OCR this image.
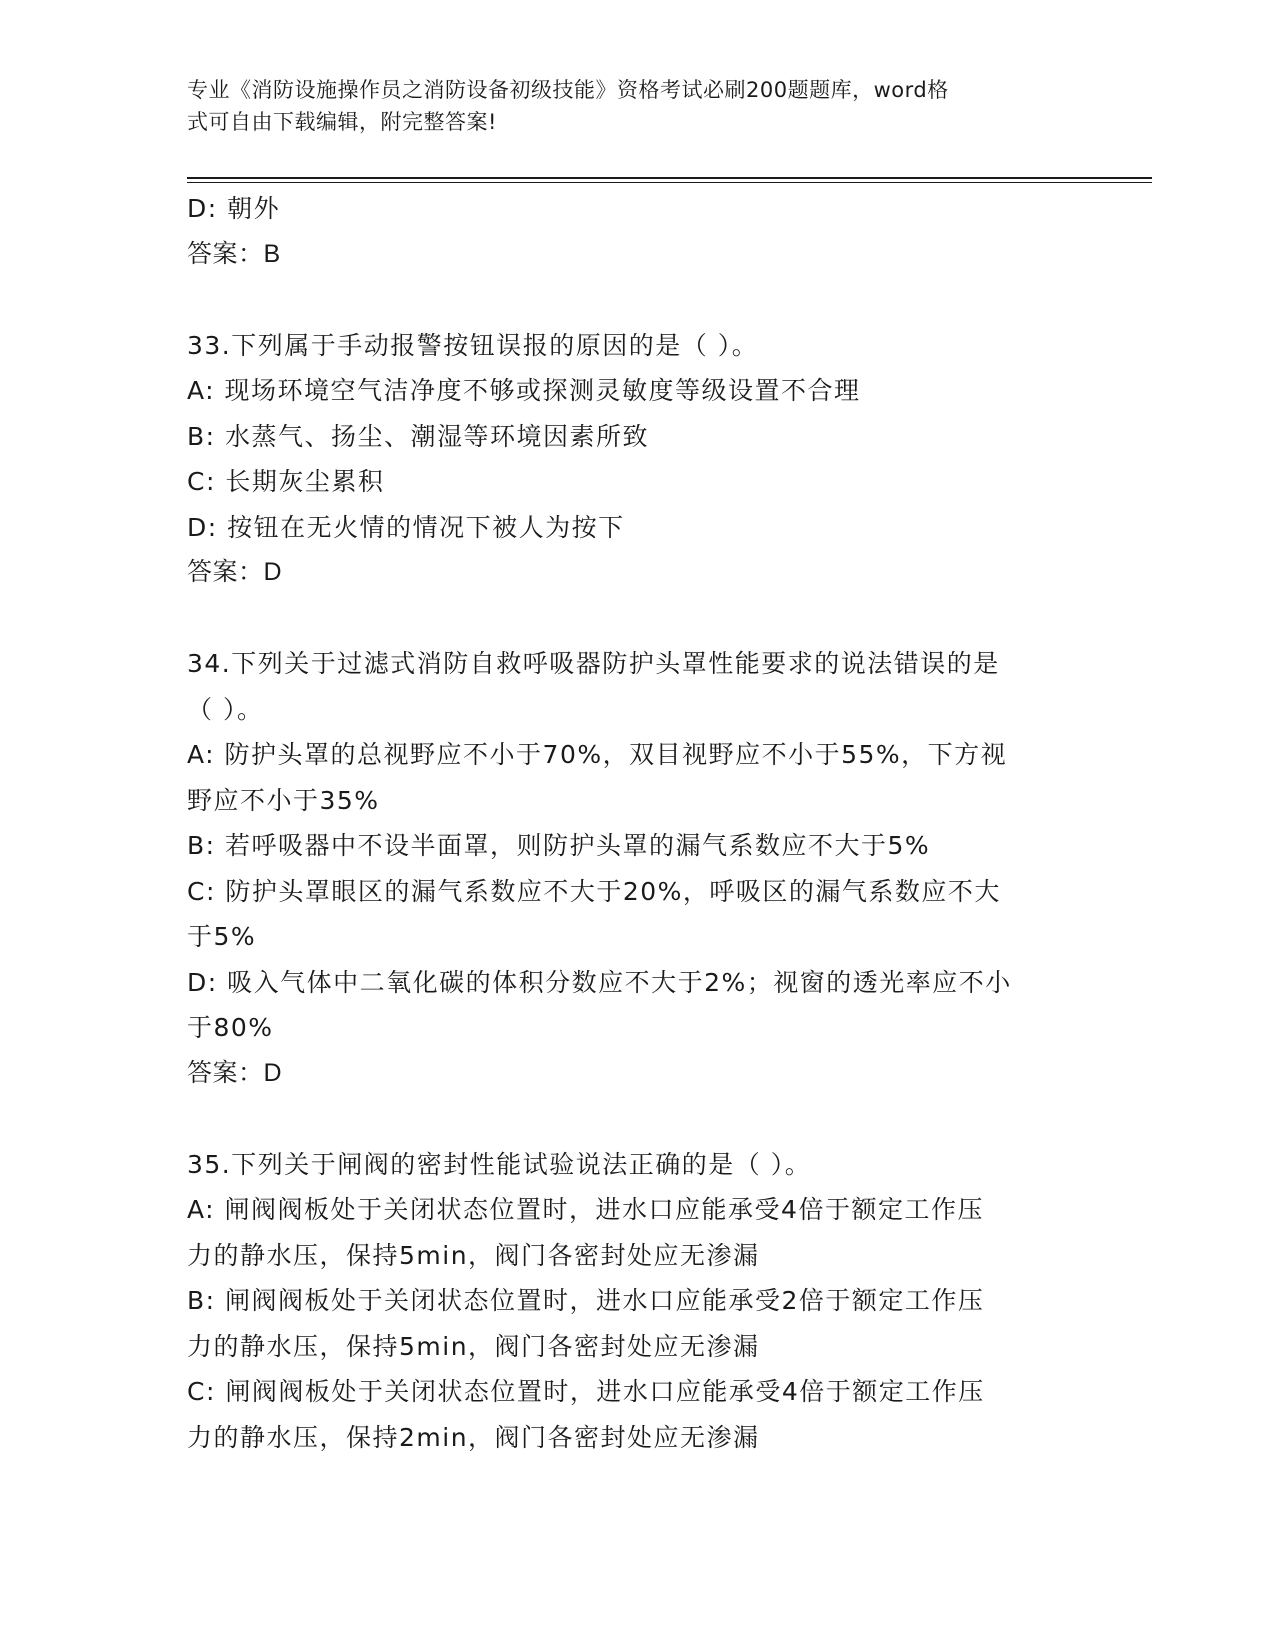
专业《消防设施操作员之消防设备初级技能》资格考试必刷200题题库，word格
式可自由下载编辑，附完整答案!

D: 朝外

答案：B

33.下列属于手动报警按钮误报的原因的是（ ）。

A: 现场环境空气洁净度不够或探测灵敏度等级设置不合理

B: 水蒸气、扬尘、潮湿等环境因素所致

C: 长期灰尘累积

D: 按钮在无火情的情况下被人为按下

答案：D

34.下列关于过滤式消防自救呼吸器防护头罩性能要求的说法错误的是

（ ）。

A: 防护头罩的总视野应不小于70%，双目视野应不小于55%，下方视

野应不小于35%

B: 若呼吸器中不设半面罩，则防护头罩的漏气系数应不大于5%

C: 防护头罩眼区的漏气系数应不大于20%，呼吸区的漏气系数应不大

于5%

D: 吸入气体中二氧化碳的体积分数应不大于2%；视窗的透光率应不小

于80%

答案：D

35.下列关于闸阀的密封性能试验说法正确的是（ ）。

A: 闸阀阀板处于关闭状态位置时，进水口应能承受4倍于额定工作压

力的静水压，保持5min，阀门各密封处应无渗漏

B: 闸阀阀板处于关闭状态位置时，进水口应能承受2倍于额定工作压

力的静水压，保持5min，阀门各密封处应无渗漏

C: 闸阀阀板处于关闭状态位置时，进水口应能承受4倍于额定工作压

力的静水压，保持2min，阀门各密封处应无渗漏
